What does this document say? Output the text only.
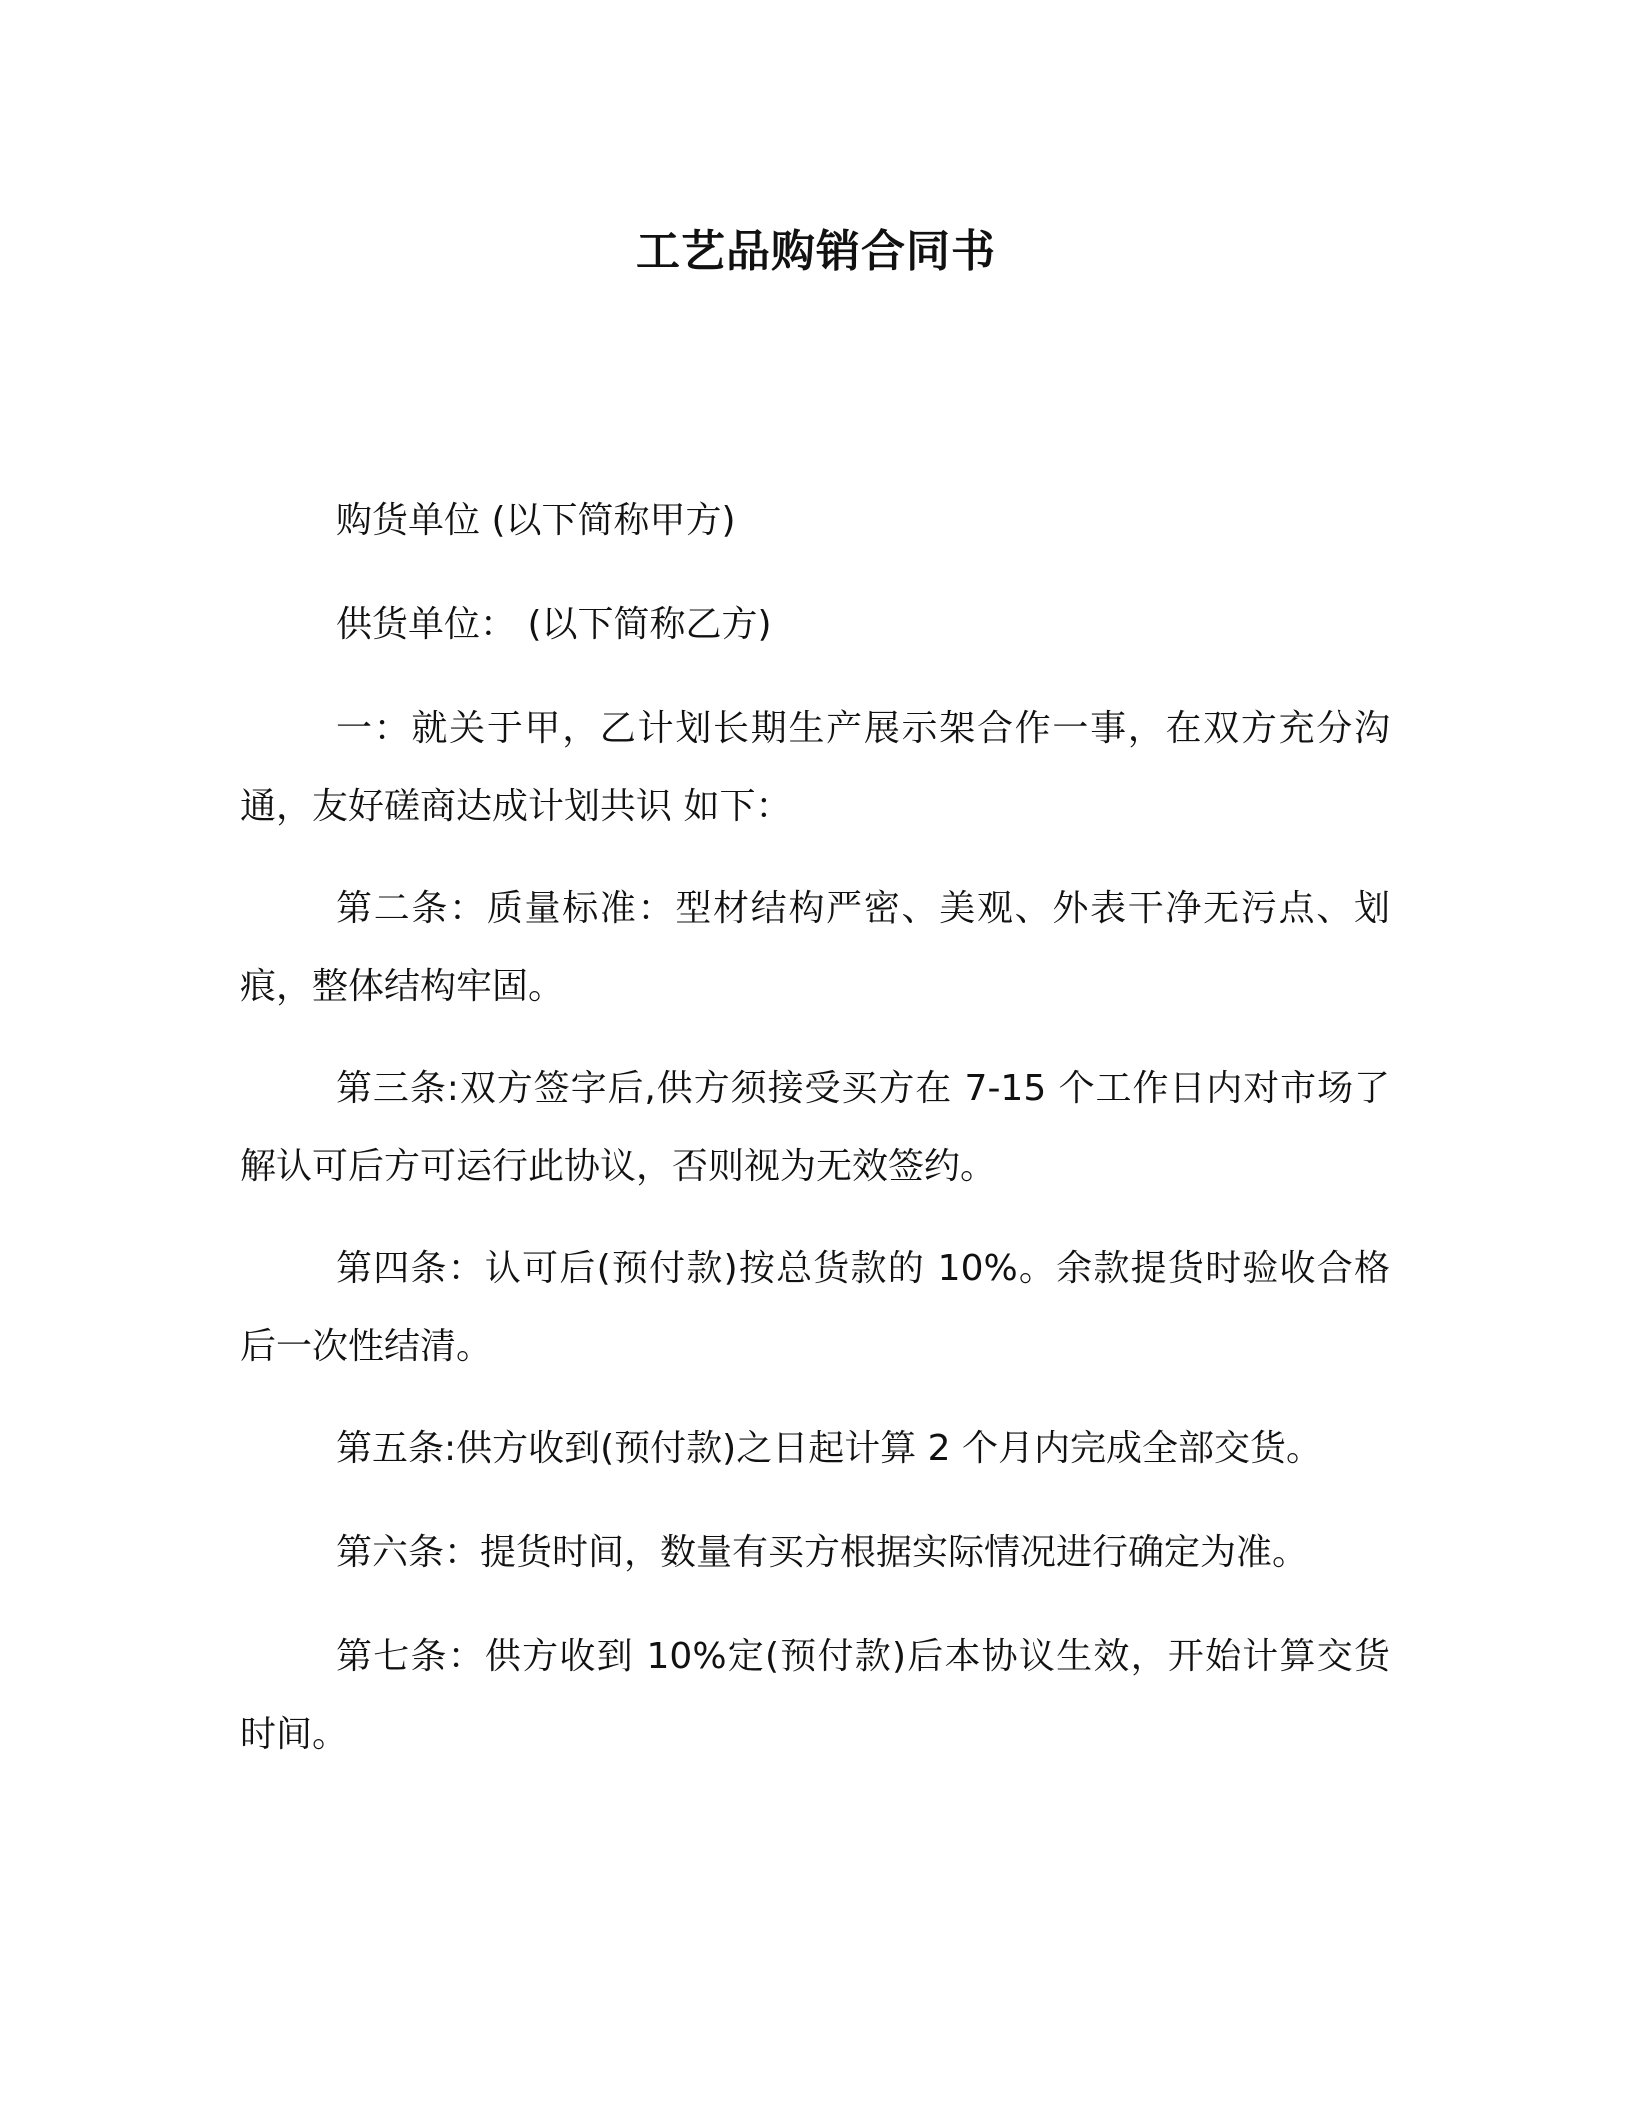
工艺品购销合同书

购货单位 (以下简称甲方)

供货单位： (以下简称乙方)

一：就关于甲，乙计划长期生产展示架合作一事，在双方充分沟通，友好磋商达成计划共识 如下：

第二条：质量标准：型材结构严密、美观、外表干净无污点、划痕，整体结构牢固。

第三条:双方签字后,供方须接受买方在 7-15 个工作日内对市场了解认可后方可运行此协议，否则视为无效签约。

第四条：认可后(预付款)按总货款的 10%。余款提货时验收合格后一次性结清。

第五条:供方收到(预付款)之日起计算 2 个月内完成全部交货。

第六条：提货时间，数量有买方根据实际情况进行确定为准。

第七条：供方收到 10%定(预付款)后本协议生效，开始计算交货时间。
